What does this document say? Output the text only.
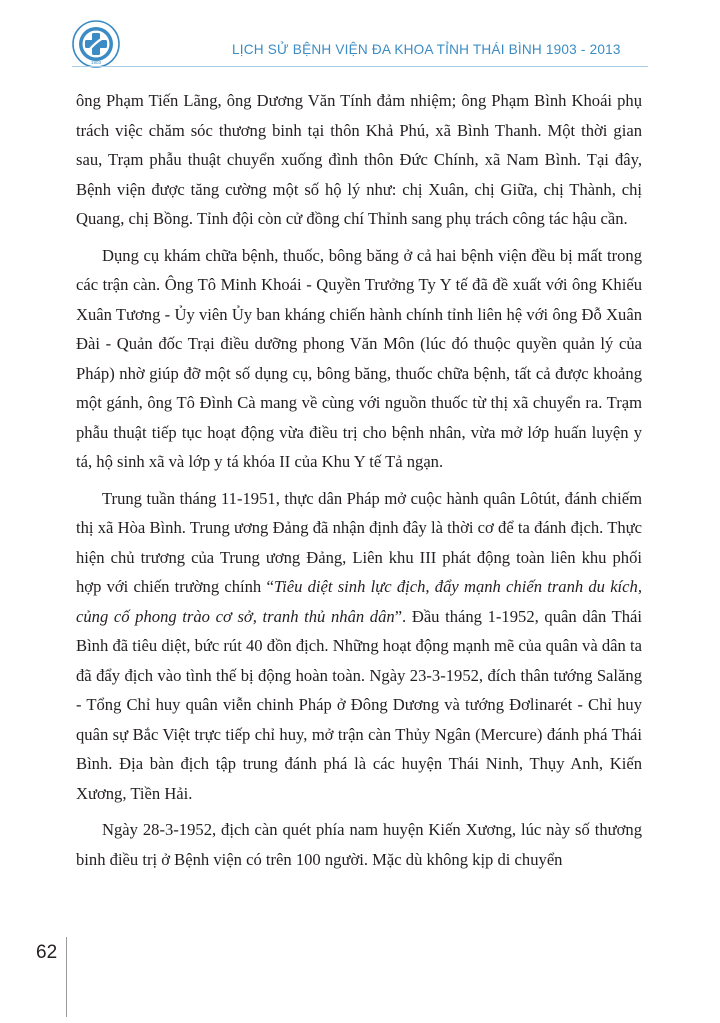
1903
LỊCH SỬ BỆNH VIỆN ĐA KHOA TỈNH THÁI BÌNH 1903 - 2013

ông Phạm Tiến Lãng, ông Dương Văn Tính đảm nhiệm; ông Phạm Bình Khoái phụ trách việc chăm sóc thương binh tại thôn Khả Phú, xã Bình Thanh. Một thời gian sau, Trạm phẫu thuật chuyển xuống đình thôn Đức Chính, xã Nam Bình. Tại đây, Bệnh viện được tăng cường một số hộ lý như: chị Xuân, chị Giữa, chị Thành, chị Quang, chị Bồng. Tỉnh đội còn cử đồng chí Thỉnh sang phụ trách công tác hậu cần.

Dụng cụ khám chữa bệnh, thuốc, bông băng ở cả hai bệnh viện đều bị mất trong các trận càn. Ông Tô Minh Khoái - Quyền Trưởng Ty Y tế đã đề xuất với ông Khiếu Xuân Tương - Ủy viên Ủy ban kháng chiến hành chính tỉnh liên hệ với ông Đỗ Xuân Đài - Quản đốc Trại điều dưỡng phong Văn Môn (lúc đó thuộc quyền quản lý của Pháp) nhờ giúp đỡ một số dụng cụ, bông băng, thuốc chữa bệnh, tất cả được khoảng một gánh, ông Tô Đình Cà mang về cùng với nguồn thuốc từ thị xã chuyển ra. Trạm phẫu thuật tiếp tục hoạt động vừa điều trị cho bệnh nhân, vừa mở lớp huấn luyện y tá, hộ sinh xã và lớp y tá khóa II của Khu Y tế Tả ngạn.

Trung tuần tháng 11-1951, thực dân Pháp mở cuộc hành quân Lôtút, đánh chiếm thị xã Hòa Bình. Trung ương Đảng đã nhận định đây là thời cơ để ta đánh địch. Thực hiện chủ trương của Trung ương Đảng, Liên khu III phát động toàn liên khu phối hợp với chiến trường chính “Tiêu diệt sinh lực địch, đẩy mạnh chiến tranh du kích, củng cố phong trào cơ sở, tranh thủ nhân dân”. Đầu tháng 1-1952, quân dân Thái Bình đã tiêu diệt, bức rút 40 đồn địch. Những hoạt động mạnh mẽ của quân và dân ta đã đẩy địch vào tình thế bị động hoàn toàn. Ngày 23-3-1952, đích thân tướng Salăng - Tổng Chỉ huy quân viễn chinh Pháp ở Đông Dương và tướng Đơlinarét - Chỉ huy quân sự Bắc Việt trực tiếp chỉ huy, mở trận càn Thủy Ngân (Mercure) đánh phá Thái Bình. Địa bàn địch tập trung đánh phá là các huyện Thái Ninh, Thụy Anh, Kiến Xương, Tiền Hải.

Ngày 28-3-1952, địch càn quét phía nam huyện Kiến Xương, lúc này số thương binh điều trị ở Bệnh viện có trên 100 người. Mặc dù không kịp di chuyển

62
